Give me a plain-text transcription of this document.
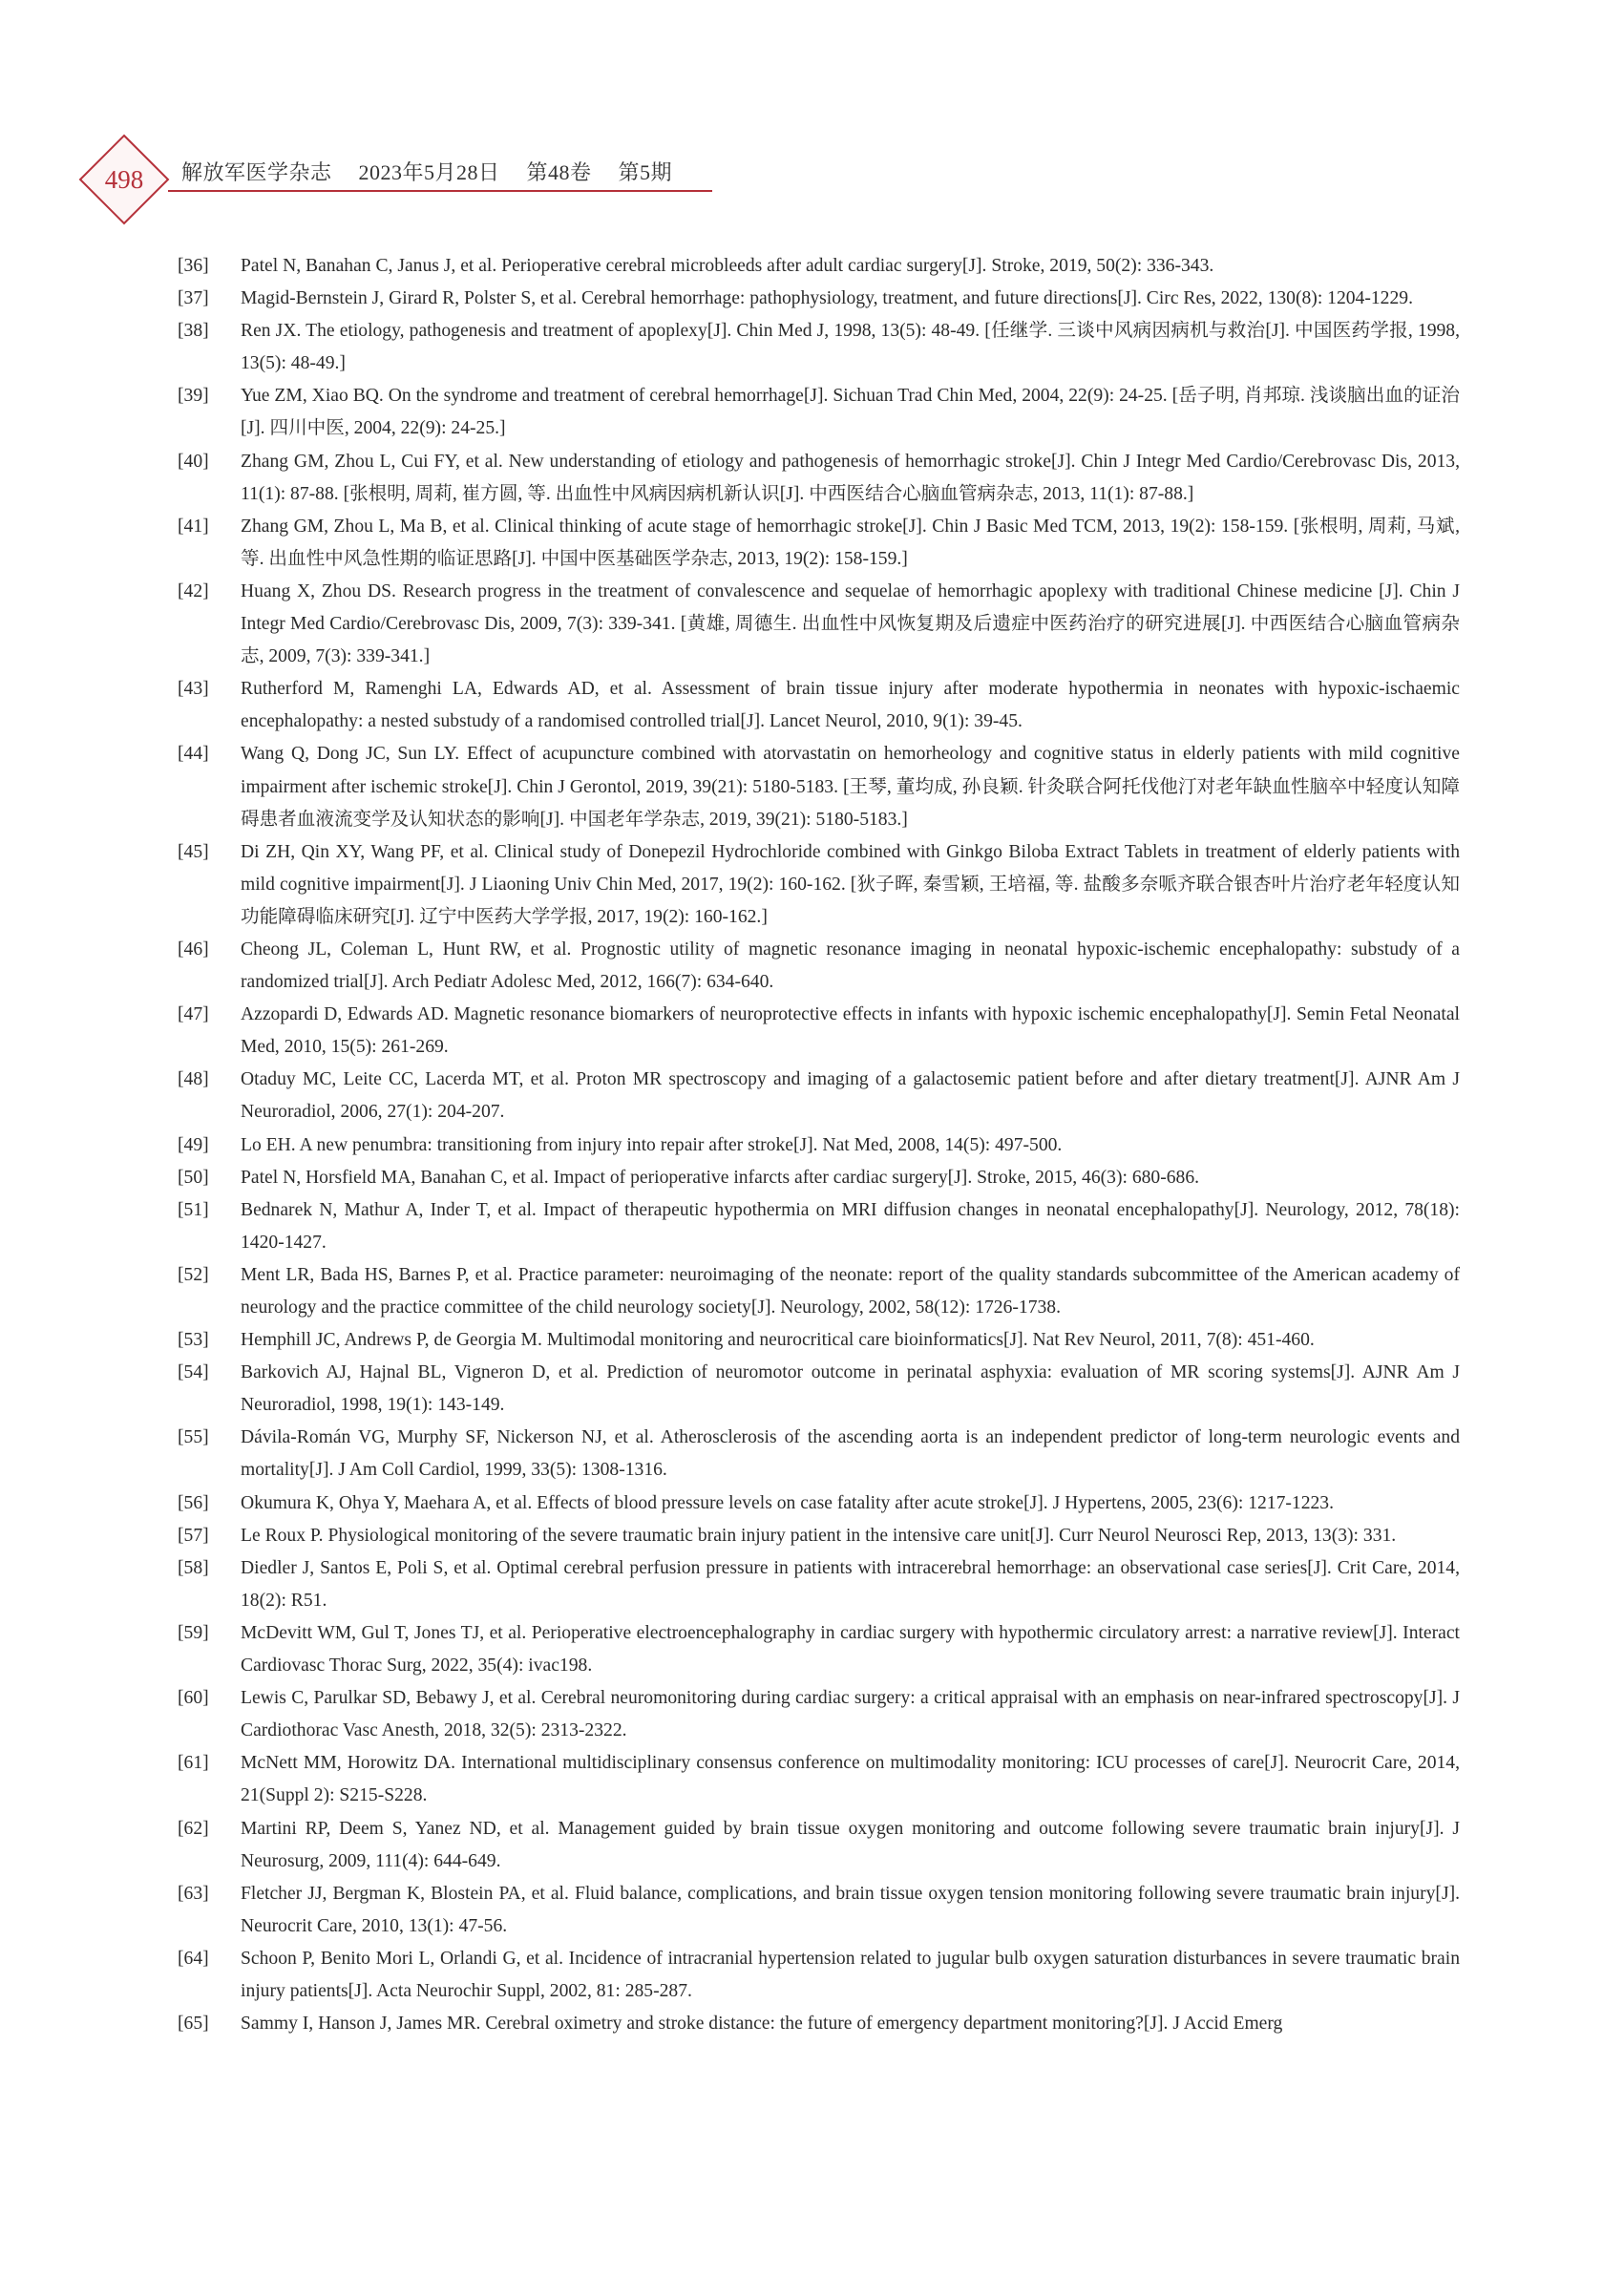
498	解放军医学杂志 2023年5月28日 第48卷 第5期
[36] Patel N, Banahan C, Janus J, et al. Perioperative cerebral microbleeds after adult cardiac surgery[J]. Stroke, 2019, 50(2): 336-343.
[37] Magid-Bernstein J, Girard R, Polster S, et al. Cerebral hemorrhage: pathophysiology, treatment, and future directions[J]. Circ Res, 2022, 130(8): 1204-1229.
[38] Ren JX. The etiology, pathogenesis and treatment of apoplexy[J]. Chin Med J, 1998, 13(5): 48-49. [任继学. 三谈中风病因病机与救治[J]. 中国医药学报, 1998, 13(5): 48-49.]
[39] Yue ZM, Xiao BQ. On the syndrome and treatment of cerebral hemorrhage[J]. Sichuan Trad Chin Med, 2004, 22(9): 24-25. [岳子明, 肖邦琼. 浅谈脑出血的证治[J]. 四川中医, 2004, 22(9): 24-25.]
[40] Zhang GM, Zhou L, Cui FY, et al. New understanding of etiology and pathogenesis of hemorrhagic stroke[J]. Chin J Integr Med Cardio/Cerebrovasc Dis, 2013, 11(1): 87-88. [张根明, 周莉, 崔方圆, 等. 出血性中风病因病机新认识[J]. 中西医结合心脑血管病杂志, 2013, 11(1): 87-88.]
[41] Zhang GM, Zhou L, Ma B, et al. Clinical thinking of acute stage of hemorrhagic stroke[J]. Chin J Basic Med TCM, 2013, 19(2): 158-159. [张根明, 周莉, 马斌, 等. 出血性中风急性期的临证思路[J]. 中国中医基础医学杂志, 2013, 19(2): 158-159.]
[42] Huang X, Zhou DS. Research progress in the treatment of convalescence and sequelae of hemorrhagic apoplexy with traditional Chinese medicine [J]. Chin J Integr Med Cardio/Cerebrovasc Dis, 2009, 7(3): 339-341. [黄雄, 周德生. 出血性中风恢复期及后遗症中医药治疗的研究进展[J]. 中西医结合心脑血管病杂志, 2009, 7(3): 339-341.]
[43] Rutherford M, Ramenghi LA, Edwards AD, et al. Assessment of brain tissue injury after moderate hypothermia in neonates with hypoxic-ischaemic encephalopathy: a nested substudy of a randomised controlled trial[J]. Lancet Neurol, 2010, 9(1): 39-45.
[44] Wang Q, Dong JC, Sun LY. Effect of acupuncture combined with atorvastatin on hemorheology and cognitive status in elderly patients with mild cognitive impairment after ischemic stroke[J]. Chin J Gerontol, 2019, 39(21): 5180-5183. [王琴, 董均成, 孙良颖. 针灸联合阿托伐他汀对老年缺血性脑卒中轻度认知障碍患者血液流变学及认知状态的影响[J]. 中国老年学杂志, 2019, 39(21): 5180-5183.]
[45] Di ZH, Qin XY, Wang PF, et al. Clinical study of Donepezil Hydrochloride combined with Ginkgo Biloba Extract Tablets in treatment of elderly patients with mild cognitive impairment[J]. J Liaoning Univ Chin Med, 2017, 19(2): 160-162. [狄子晖, 秦雪颖, 王培福, 等. 盐酸多奈哌齐联合银杏叶片治疗老年轻度认知功能障碍临床研究[J]. 辽宁中医药大学学报, 2017, 19(2): 160-162.]
[46] Cheong JL, Coleman L, Hunt RW, et al. Prognostic utility of magnetic resonance imaging in neonatal hypoxic-ischemic encephalopathy: substudy of a randomized trial[J]. Arch Pediatr Adolesc Med, 2012, 166(7): 634-640.
[47] Azzopardi D, Edwards AD. Magnetic resonance biomarkers of neuroprotective effects in infants with hypoxic ischemic encephalopathy[J]. Semin Fetal Neonatal Med, 2010, 15(5): 261-269.
[48] Otaduy MC, Leite CC, Lacerda MT, et al. Proton MR spectroscopy and imaging of a galactosemic patient before and after dietary treatment[J]. AJNR Am J Neuroradiol, 2006, 27(1): 204-207.
[49] Lo EH. A new penumbra: transitioning from injury into repair after stroke[J]. Nat Med, 2008, 14(5): 497-500.
[50] Patel N, Horsfield MA, Banahan C, et al. Impact of perioperative infarcts after cardiac surgery[J]. Stroke, 2015, 46(3): 680-686.
[51] Bednarek N, Mathur A, Inder T, et al. Impact of therapeutic hypothermia on MRI diffusion changes in neonatal encephalopathy[J]. Neurology, 2012, 78(18): 1420-1427.
[52] Ment LR, Bada HS, Barnes P, et al. Practice parameter: neuroimaging of the neonate: report of the quality standards subcommittee of the American academy of neurology and the practice committee of the child neurology society[J]. Neurology, 2002, 58(12): 1726-1738.
[53] Hemphill JC, Andrews P, de Georgia M. Multimodal monitoring and neurocritical care bioinformatics[J]. Nat Rev Neurol, 2011, 7(8): 451-460.
[54] Barkovich AJ, Hajnal BL, Vigneron D, et al. Prediction of neuromotor outcome in perinatal asphyxia: evaluation of MR scoring systems[J]. AJNR Am J Neuroradiol, 1998, 19(1): 143-149.
[55] Dávila-Román VG, Murphy SF, Nickerson NJ, et al. Atherosclerosis of the ascending aorta is an independent predictor of long-term neurologic events and mortality[J]. J Am Coll Cardiol, 1999, 33(5): 1308-1316.
[56] Okumura K, Ohya Y, Maehara A, et al. Effects of blood pressure levels on case fatality after acute stroke[J]. J Hypertens, 2005, 23(6): 1217-1223.
[57] Le Roux P. Physiological monitoring of the severe traumatic brain injury patient in the intensive care unit[J]. Curr Neurol Neurosci Rep, 2013, 13(3): 331.
[58] Diedler J, Santos E, Poli S, et al. Optimal cerebral perfusion pressure in patients with intracerebral hemorrhage: an observational case series[J]. Crit Care, 2014, 18(2): R51.
[59] McDevitt WM, Gul T, Jones TJ, et al. Perioperative electroencephalography in cardiac surgery with hypothermic circulatory arrest: a narrative review[J]. Interact Cardiovasc Thorac Surg, 2022, 35(4): ivac198.
[60] Lewis C, Parulkar SD, Bebawy J, et al. Cerebral neuromonitoring during cardiac surgery: a critical appraisal with an emphasis on near-infrared spectroscopy[J]. J Cardiothorac Vasc Anesth, 2018, 32(5): 2313-2322.
[61] McNett MM, Horowitz DA. International multidisciplinary consensus conference on multimodality monitoring: ICU processes of care[J]. Neurocrit Care, 2014, 21(Suppl 2): S215-S228.
[62] Martini RP, Deem S, Yanez ND, et al. Management guided by brain tissue oxygen monitoring and outcome following severe traumatic brain injury[J]. J Neurosurg, 2009, 111(4): 644-649.
[63] Fletcher JJ, Bergman K, Blostein PA, et al. Fluid balance, complications, and brain tissue oxygen tension monitoring following severe traumatic brain injury[J]. Neurocrit Care, 2010, 13(1): 47-56.
[64] Schoon P, Benito Mori L, Orlandi G, et al. Incidence of intracranial hypertension related to jugular bulb oxygen saturation disturbances in severe traumatic brain injury patients[J]. Acta Neurochir Suppl, 2002, 81: 285-287.
[65] Sammy I, Hanson J, James MR. Cerebral oximetry and stroke distance: the future of emergency department monitoring?[J]. J Accid Emerg
